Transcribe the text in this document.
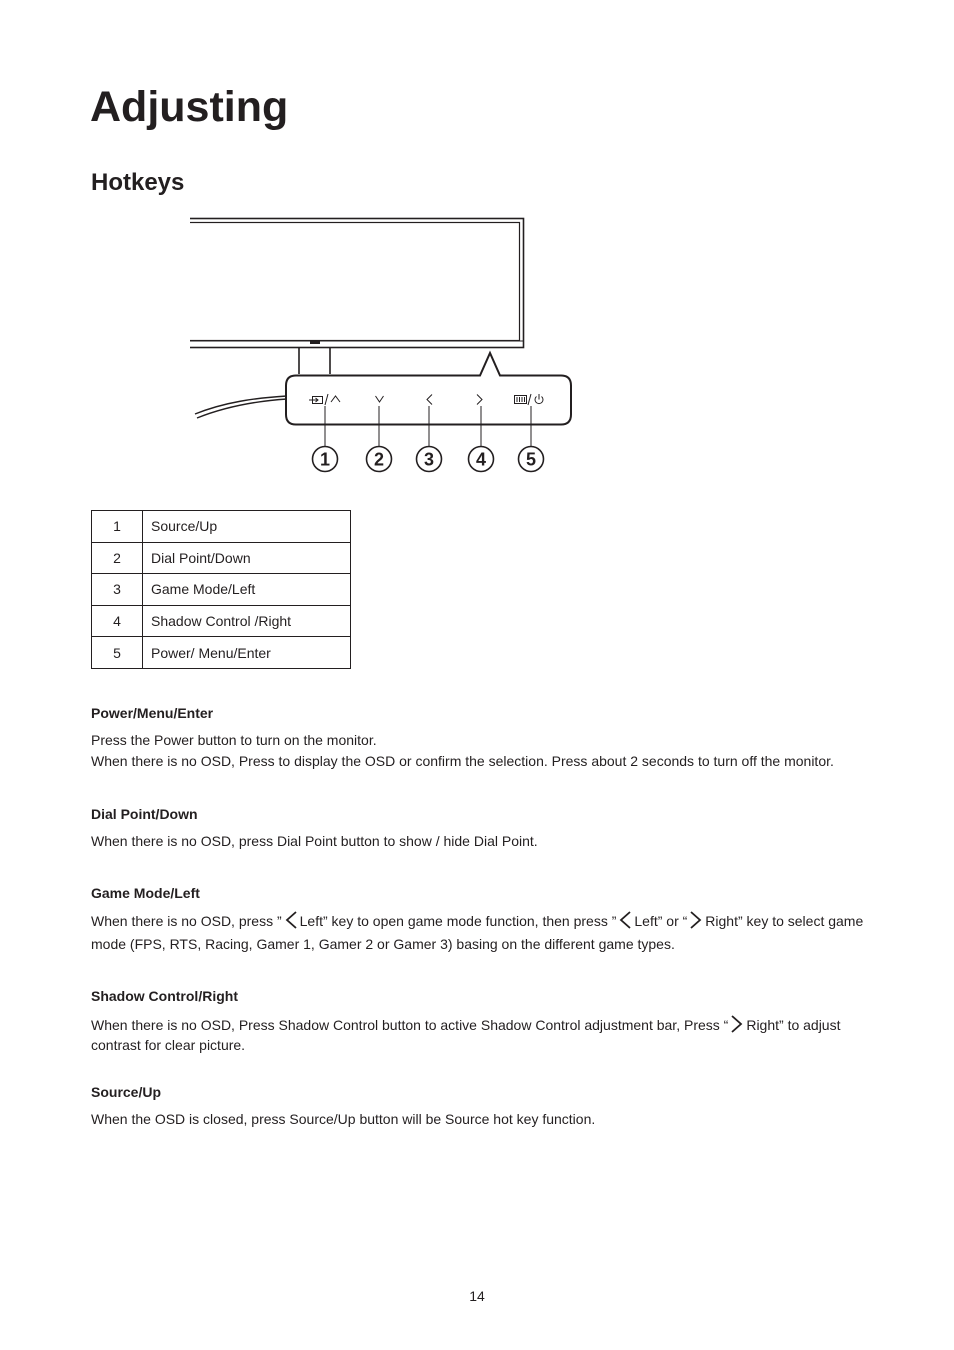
Adjusting
Hotkeys
1 2 3 4 5
1	Source/Up
2	Dial Point/Down
3	Game Mode/Left
4	Shadow Control /Right
5	Power/ Menu/Enter
Power/Menu/Enter

Press the Power button to turn on the monitor.

When there is no OSD, Press to display the OSD or confirm the selection. Press about 2 seconds to turn off the monitor.

Dial Point/Down

When there is no OSD, press Dial Point button to show / hide Dial Point.

Game Mode/Left

When there is no OSD, press ” Left” key to open game mode function, then press ” Left” or “ Right” key to select game mode (FPS, RTS, Racing, Gamer 1, Gamer 2 or Gamer 3) basing on the different game types.

Shadow Control/Right

When there is no OSD, Press Shadow Control button to active Shadow Control adjustment bar, Press “ Right” to adjust contrast for clear picture.

Source/Up

When the OSD is closed, press Source/Up button will be Source hot key function.

14
